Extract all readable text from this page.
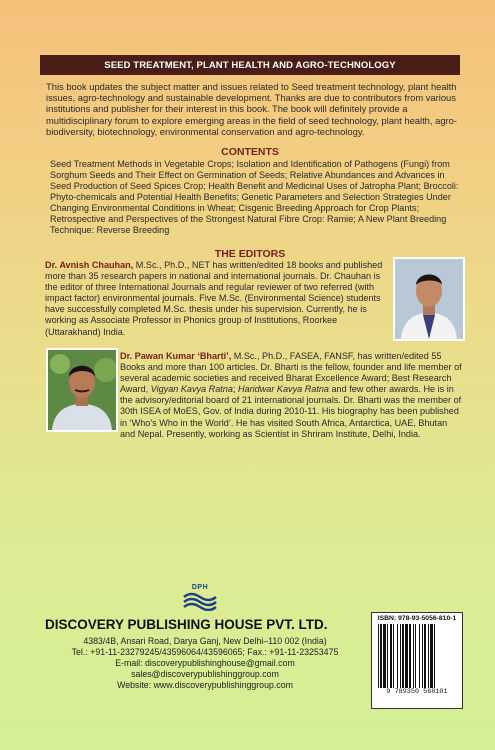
SEED TREATMENT, PLANT HEALTH AND AGRO-TECHNOLOGY
This book updates the subject matter and issues related to Seed treatment technology, plant health issues, agro-technology and sustainable development. Thanks are due to contributors from various institutions and publisher for their interest in this book. The book will definitely provide a multidisciplinary forum to explore emerging areas in the field of seed technology, plant health, agro-biodiversity, biotechnology, environmental conservation and agro-technology.
CONTENTS
Seed Treatment Methods in Vegetable Crops; Isolation and Identification of Pathogens (Fungi) from Sorghum Seeds and Their Effect on Germination of Seeds; Relative Abundances and Advances in Seed Production of Seed Spices Crop; Health Benefit and Medicinal Uses of Jatropha Plant; Broccoli: Phyto-chemicals and Potential Health Benefits; Genetic Parameters and Selection Strategies Under Changing Environmental Conditions in Wheat; Cisgenic Breeding Approach for Crop Plants; Retrospective and Perspectives of the Strongest Natural Fibre Crop: Ramie; A New Plant Breeding Technique: Reverse Breeding
THE EDITORS
Dr. Avnish Chauhan, M.Sc., Ph.D., NET has written/edited 18 books and published more than 35 research papers in national and international journals. Dr. Chauhan is the editor of three International Journals and regular reviewer of two referred (with impact factor) environmental journals. Five M.Sc. (Environmental Science) students have successfully completed M.Sc. thesis under his supervision. Currently, he is working as Associate Professor in Phonics group of Institutions, Roorkee (Uttarakhand) India.
Dr. Pawan Kumar ‘Bharti’, M.Sc., Ph.D., FASEA, FANSF, has written/edited 55 Books and more than 100 articles. Dr. Bharti is the fellow, founder and life member of several academic societies and received Bharat Excellence Award; Best Research Award, Vigyan Kavya Ratna; Haridwar Kavya Ratna and few other awards. He is in the advisory/editorial board of 21 international journals. Dr. Bharti was the member of 30th ISEA of MoES, Gov. of India during 2010-11. His biography has been published in ‘Who’s Who in the World’. He has visited South Africa, Antarctica, UAE, Bhutan and Nepal. Presently, working as Scientist in Shriram Institute, Delhi, India.
DPH
DISCOVERY PUBLISHING HOUSE PVT. LTD.
4383/4B, Ansari Road, Darya Ganj, New Delhi–110 002 (India)
Tel.: +91-11-23279245/43596064/43596065; Fax.: +91-11-23253475
E-mail: discoverypublishinghouse@gmail.com
sales@discoverypublishinggroup.com
Website: www.discoverypublishinggroup.com
ISBN: 978-93-5056-810-1
9 789350 568101
